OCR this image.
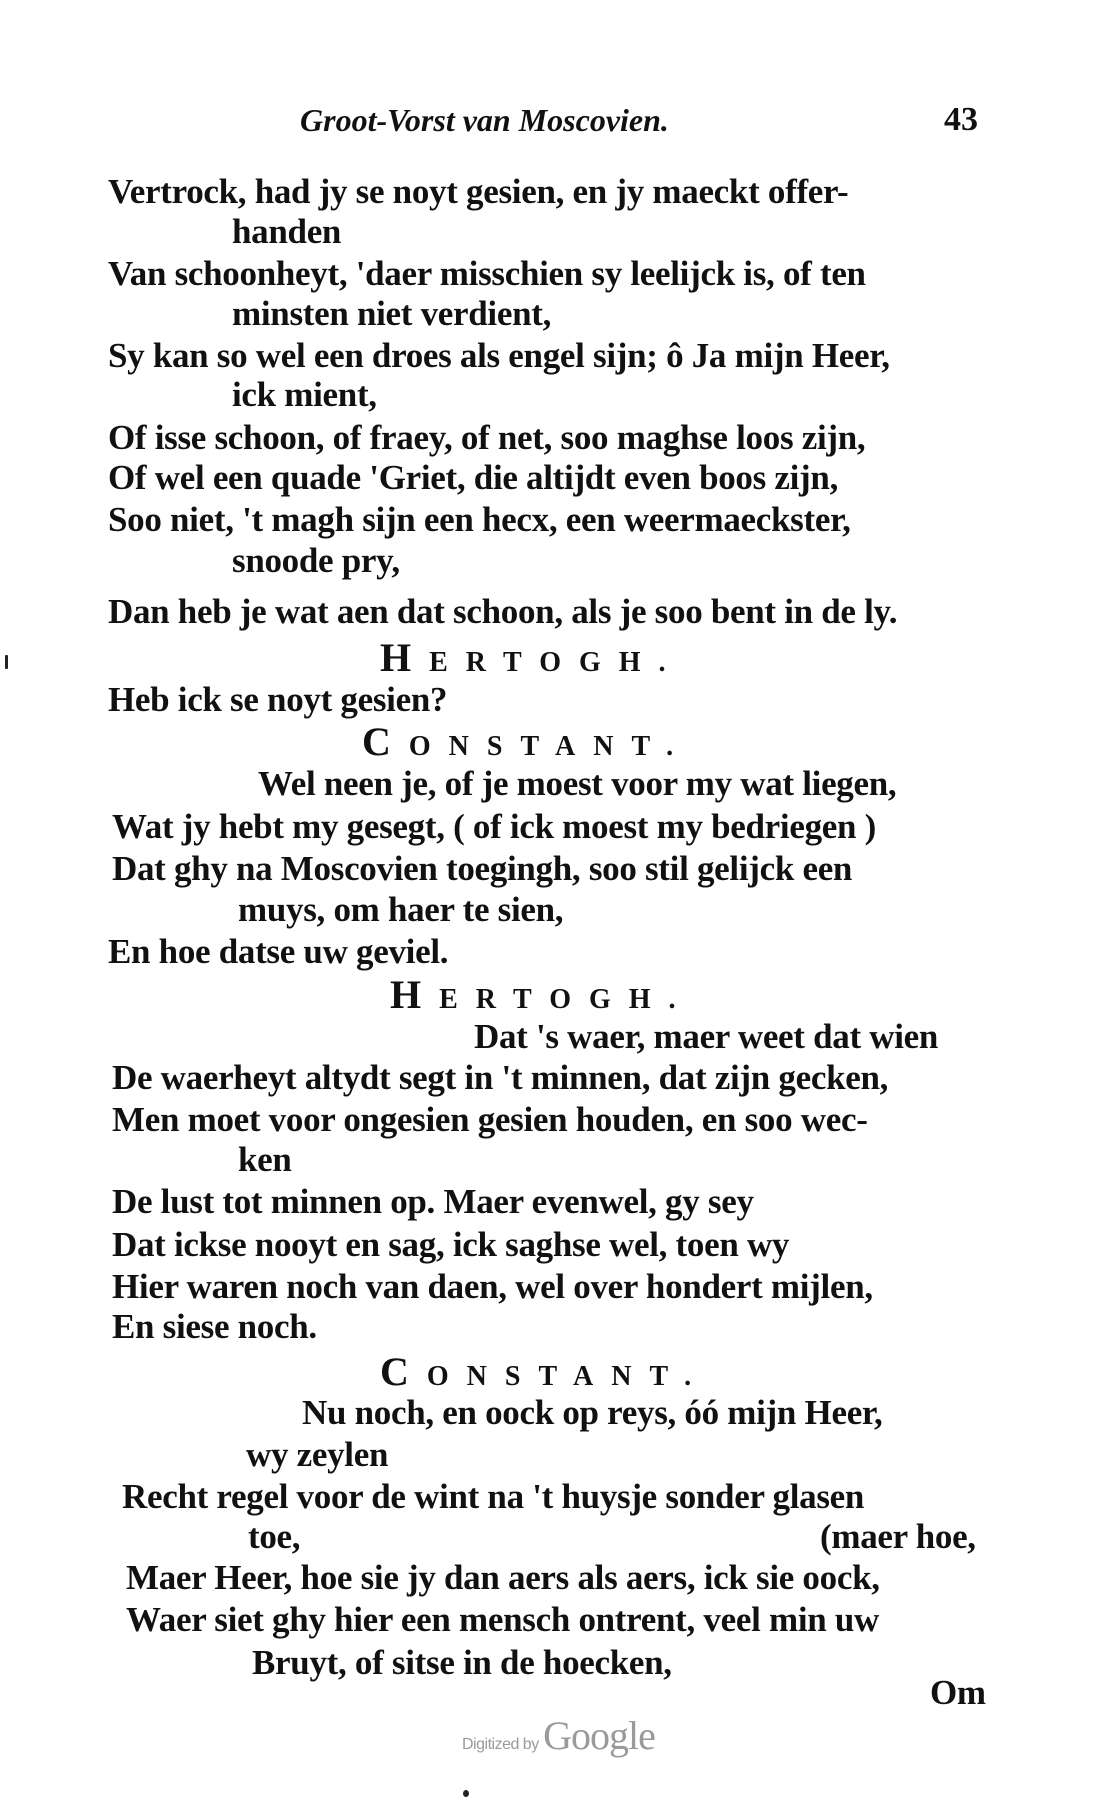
Groot-Vorst van Moscovien.	43
Vertrock, had jy se noyt gesien, en jy maeckt offer-
handen
Van schoonheyt, 'daer misschien sy leelijck is, of ten
minsten niet verdient,
Sy kan so wel een droes als engel sijn; ô Ja mijn Heer,
ick mient,
Of isse schoon, of fraey, of net, soo maghse loos zijn,
Of wel een quade 'Griet, die altijdt even boos zijn,
Soo niet, 't magh sijn een hecx, een weermaeckster,
snoode pry,
Dan heb je wat aen dat schoon, als je soo bent in de ly.
HERTOGH.
Heb ick se noyt gesien?
CONSTANT.
Wel neen je, of je moest voor my wat liegen,
Wat jy hebt my gesegt, ( of ick moest my bedriegen )
Dat ghy na Moscovien toegingh, soo stil gelijck een
muys, om haer te sien,
En hoe datse uw geviel.
HERTOGH.
Dat 's waer, maer weet dat wien
De waerheyt altydt segt in 't minnen, dat zijn gecken,
Men moet voor ongesien gesien houden, en soo wec-
ken
De lust tot minnen op. Maer evenwel, gy sey
Dat ickse nooyt en sag, ick saghse wel, toen wy
Hier waren noch van daen, wel over hondert mijlen,
En siese noch.
CONSTANT.
Nu noch, en oock op reys, óó mijn Heer,
wy zeylen
Recht regel voor de wint na 't huysje sonder glasen
toe,	(maer hoe,
Maer Heer, hoe sie jy dan aers als aers, ick sie oock,
Waer siet ghy hier een mensch ontrent, veel min uw
Bruyt, of sitse in de hoecken,
Om
Digitized by Google
